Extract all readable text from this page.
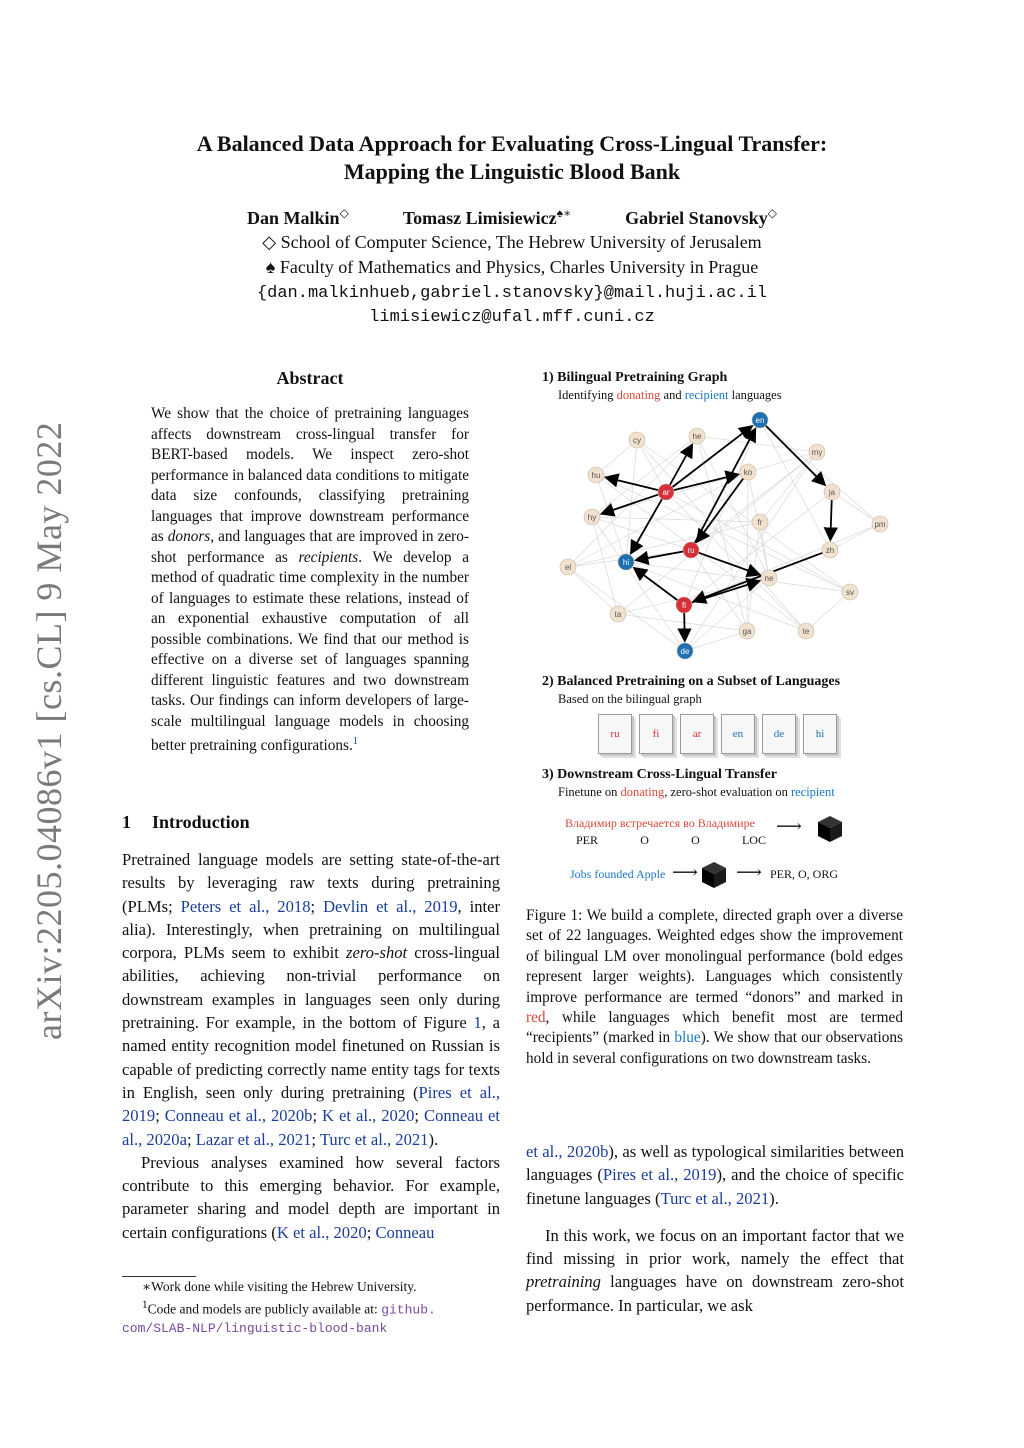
A Balanced Data Approach for Evaluating Cross-Lingual Transfer:
Mapping the Linguistic Blood Bank
Dan Malkin◇	Tomasz Limisiewicz♠∗	Gabriel Stanovsky◇
◇ School of Computer Science, The Hebrew University of Jerusalem
♠ Faculty of Mathematics and Physics, Charles University in Prague
{dan.malkinhueb,gabriel.stanovsky}@mail.huji.ac.il
limisiewicz@ufal.mff.cuni.cz
arXiv:2205.04086v1 [cs.CL] 9 May 2022
Abstract
We show that the choice of pretraining languages affects downstream cross-lingual transfer for BERT-based models. We inspect zero-shot performance in balanced data conditions to mitigate data size confounds, classifying pretraining languages that improve downstream performance as donors, and languages that are improved in zero-shot performance as recipients. We develop a method of quadratic time complexity in the number of languages to estimate these relations, instead of an exponential exhaustive computation of all possible combinations. We find that our method is effective on a diverse set of languages spanning different linguistic features and two downstream tasks. Our findings can inform developers of large-scale multilingual language models in choosing better pretraining configurations.$^1$
1 Introduction

Pretrained language models are setting state-of-the-art results by leveraging raw texts during pretraining (PLMs; Peters et al., 2018; Devlin et al., 2019, inter alia). Interestingly, when pretraining on multilingual corpora, PLMs seem to exhibit zero-shot cross-lingual abilities, achieving non-trivial performance on downstream examples in languages seen only during pretraining. For example, in the bottom of Figure 1, a named entity recognition model finetuned on Russian is capable of predicting correctly name entity tags for texts in English, seen only during pretraining (Pires et al., 2019; Conneau et al., 2020b; K et al., 2020; Conneau et al., 2020a; Lazar et al., 2021; Turc et al., 2021).

Previous analyses examined how several factors contribute to this emerging behavior. For example, parameter sharing and model depth are important in certain configurations (K et al., 2020; Conneau

∗Work done while visiting the Hebrew University.
$^1$Code and models are publicly available at: github.
com/SLAB-NLP/linguistic-blood-bank
1) Bilingual Pretraining Graph
Identifying donating and recipient languages
cy	he
en
my
hu	ko
ja
hy
ar
fr	pm
el
hi
ru	zh
ne
sv
ta
fi
ga	te
de
2) Balanced Pretraining on a Subset of Languages
Based on the bilingual graph
ru	fi	ar	en	de	hi
3) Downstream Cross-Lingual Transfer
Finetune on donating, zero-shot evaluation on recipient
Владимир встречается во Владимире
PER	O	O	LOC
⟶
Jobs founded Apple ⟶ ⟶ PER, O, ORG
Figure 1: We build a complete, directed graph over a diverse set of 22 languages. Weighted edges show the improvement of bilingual LM over monolingual performance (bold edges represent larger weights). Languages which consistently improve performance are termed “donors” and marked in red, while languages which benefit most are termed “recipients” (marked in blue). We show that our observations hold in several configurations on two downstream tasks.

et al., 2020b), as well as typological similarities between languages (Pires et al., 2019), and the choice of specific finetune languages (Turc et al., 2021).

In this work, we focus on an important factor that we find missing in prior work, namely the effect that pretraining languages have on downstream zero-shot performance. In particular, we ask
